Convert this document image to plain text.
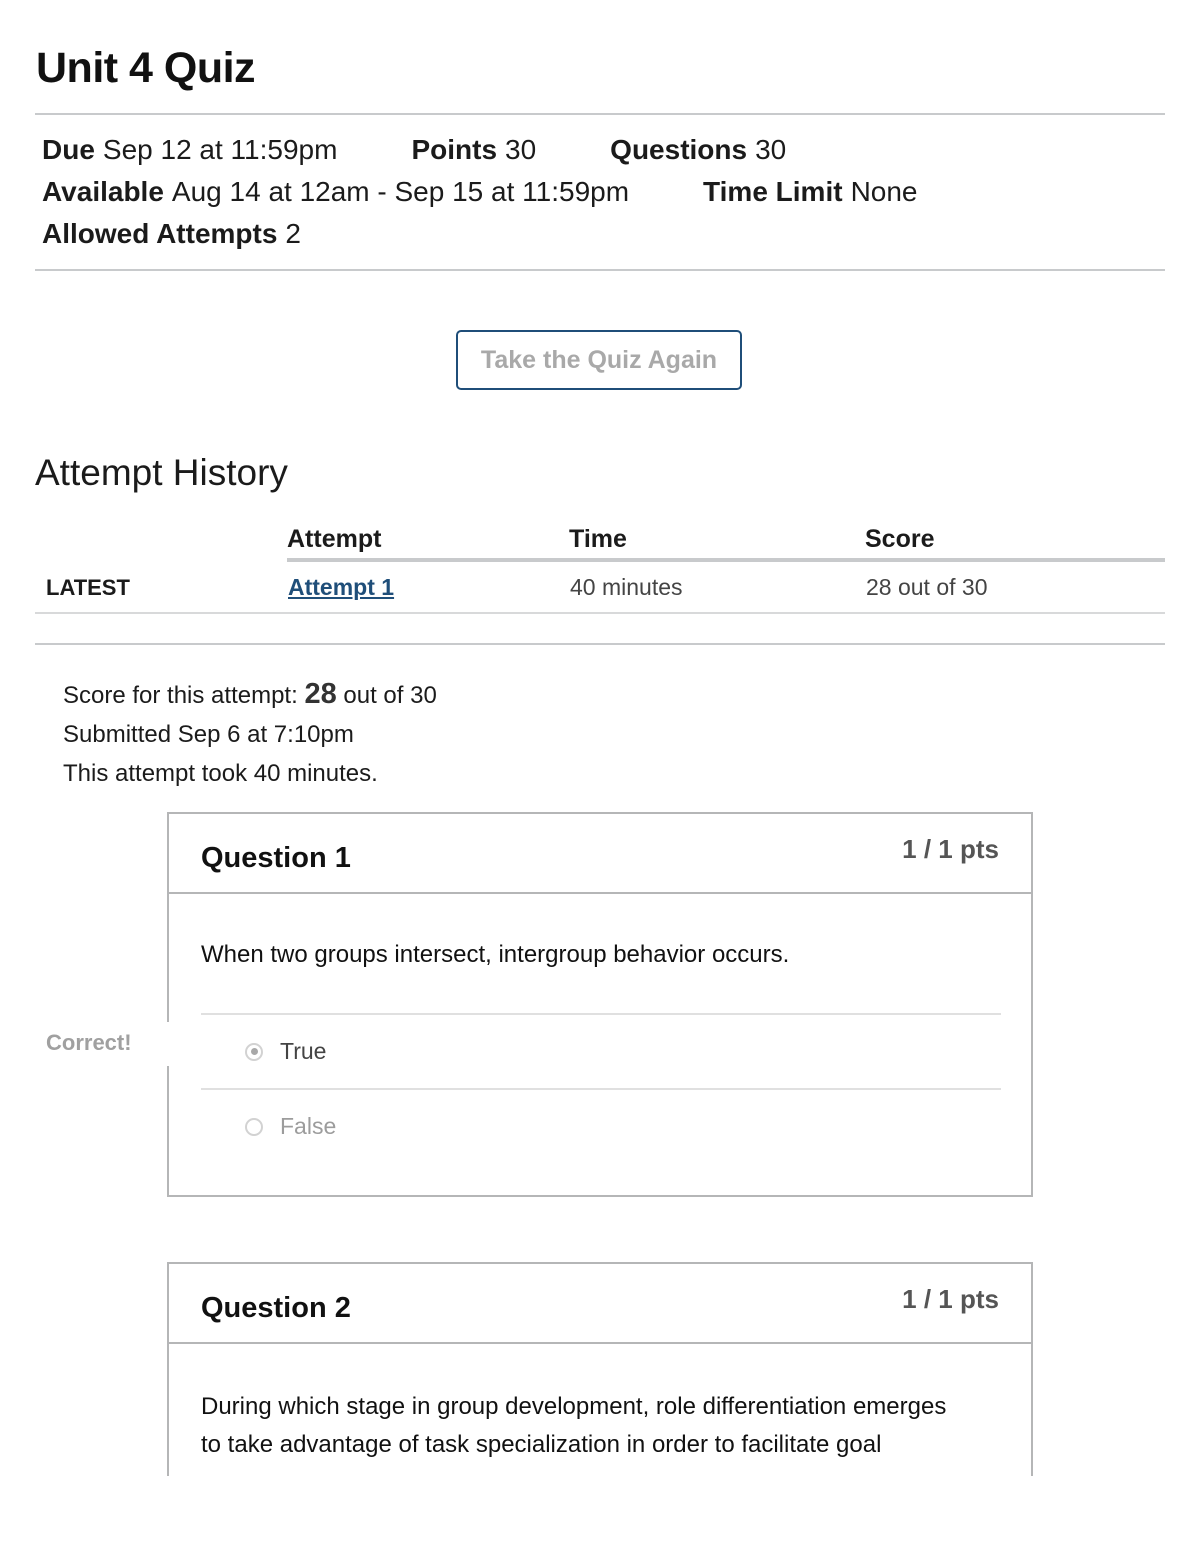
Unit 4 Quiz
Due Sep 12 at 11:59pm	Points 30	Questions 30
Available Aug 14 at 12am - Sep 15 at 11:59pm	Time Limit None
Allowed Attempts 2
Take the Quiz Again
Attempt History
	Attempt	Time	Score
LATEST	Attempt 1	40 minutes	28 out of 30
Score for this attempt: 28 out of 30
Submitted Sep 6 at 7:10pm
This attempt took 40 minutes.
Question 1	1 / 1 pts
When two groups intersect, intergroup behavior occurs.
True
False
Correct!
Question 2	1 / 1 pts
During which stage in group development, role differentiation emerges
to take advantage of task specialization in order to facilitate goal
